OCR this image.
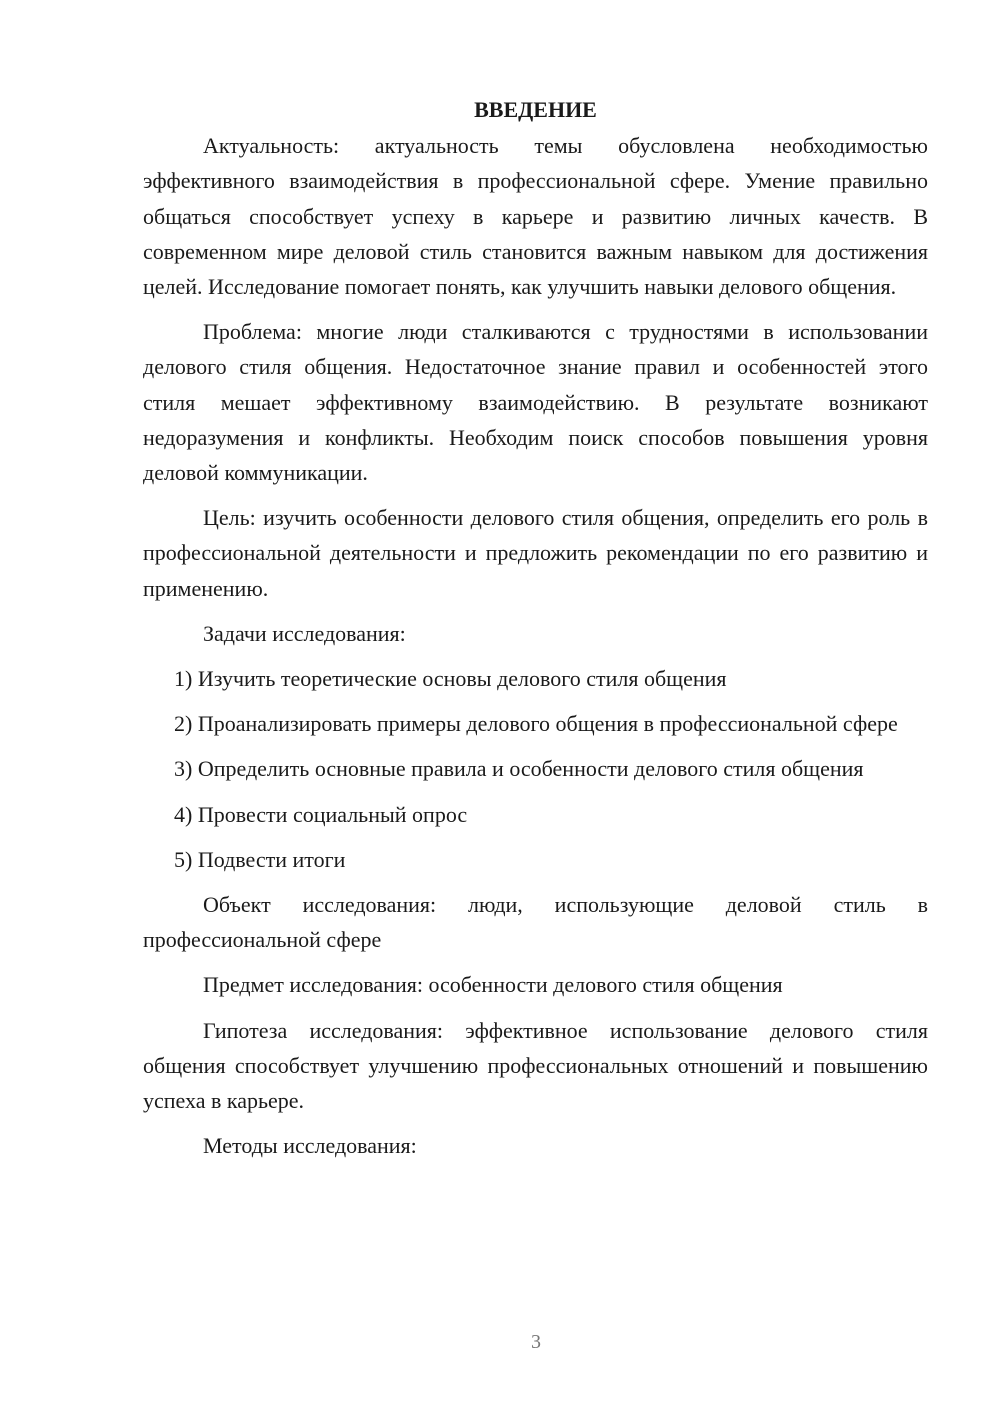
ВВЕДЕНИЕ

Актуальность: актуальность темы обусловлена необходимостью эффективного взаимодействия в профессиональной сфере. Умение правильно общаться способствует успеху в карьере и развитию личных качеств. В современном мире деловой стиль становится важным навыком для достижения целей. Исследование помогает понять, как улучшить навыки делового общения.

Проблема: многие люди сталкиваются с трудностями в использовании делового стиля общения. Недостаточное знание правил и особенностей этого стиля мешает эффективному взаимодействию. В результате возникают недоразумения и конфликты. Необходим поиск способов повышения уровня деловой коммуникации.

Цель: изучить особенности делового стиля общения, определить его роль в профессиональной деятельности и предложить рекомендации по его развитию и применению.

Задачи исследования:

1) Изучить теоретические основы делового стиля общения

2) Проанализировать примеры делового общения в профессиональной сфере

3) Определить основные правила и особенности делового стиля общения

4) Провести социальный опрос

5) Подвести итоги

Объект исследования: люди, использующие деловой стиль в профессиональной сфере

Предмет исследования: особенности делового стиля общения

Гипотеза исследования: эффективное использование делового стиля общения способствует улучшению профессиональных отношений и повышению успеха в карьере.

Методы исследования:

3
